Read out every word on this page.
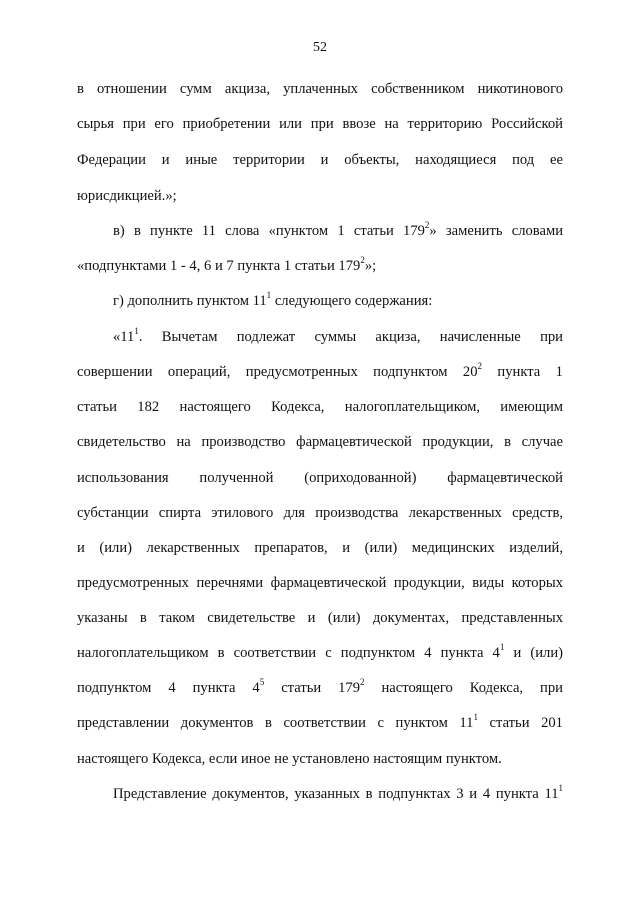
52
в отношении сумм акциза, уплаченных собственником никотинового
сырья при его приобретении или при ввозе на территорию Российской
Федерации и иные территории и объекты, находящиеся под ее
юрисдикцией.»;
в) в пункте 11 слова «пунктом 1 статьи $179^2$» заменить словами
«подпунктами 1 - 4, 6 и 7 пункта 1 статьи $179^2$»;
г) дополнить пунктом $11^1$ следующего содержания:
«$11^1$. Вычетам подлежат суммы акциза, начисленные при
совершении операций, предусмотренных подпунктом $20^2$ пункта 1
статьи 182 настоящего Кодекса, налогоплательщиком, имеющим
свидетельство на производство фармацевтической продукции, в случае
использования полученной (оприходованной) фармацевтической
субстанции спирта этилового для производства лекарственных средств,
и (или) лекарственных препаратов, и (или) медицинских изделий,
предусмотренных перечнями фармацевтической продукции, виды которых
указаны в таком свидетельстве и (или) документах, представленных
налогоплательщиком в соответствии с подпунктом 4 пункта $4^1$ и (или)
подпунктом 4 пункта $4^5$ статьи $179^2$ настоящего Кодекса, при
представлении документов в соответствии с пунктом $11^1$ статьи 201
настоящего Кодекса, если иное не установлено настоящим пунктом.
Представление документов, указанных в подпунктах 3 и 4 пункта $11^1$
